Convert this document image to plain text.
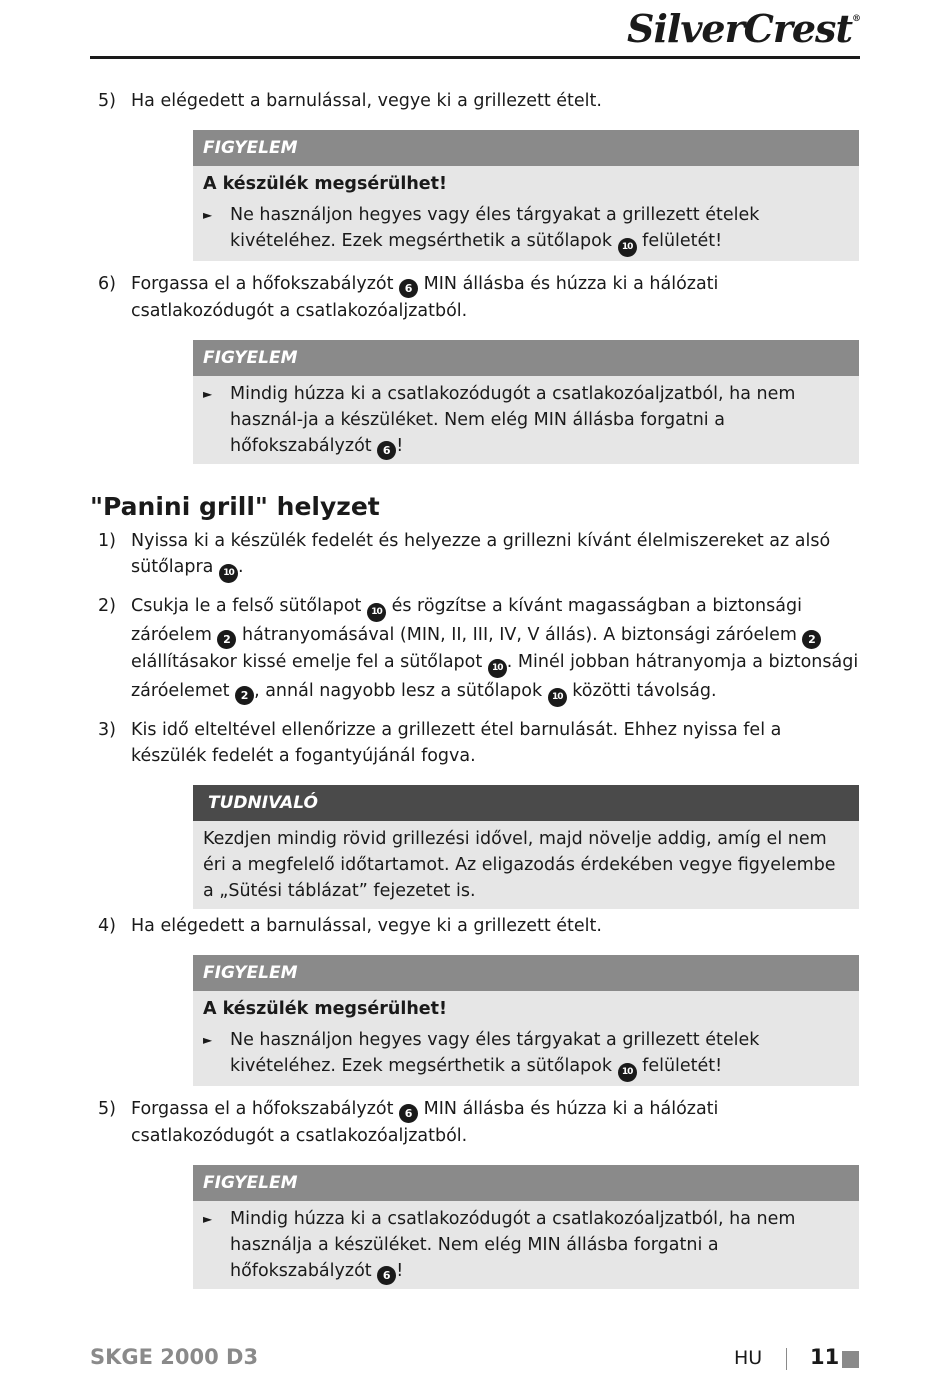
SilverCrest®
5) Ha elégedett a barnulással, vegye ki a grillezett ételt.
FIGYELEM
A készülék megsérülhet!
► Ne használjon hegyes vagy éles tárgyakat a grillezett ételek kivételéhez. Ezek megsérthetik a sütőlapok 10 felületét!
6) Forgassa el a hőfokszabályzót 6 MIN állásba és húzza ki a hálózati csatlakozódugót a csatlakozóaljzatból.
FIGYELEM
► Mindig húzza ki a csatlakozódugót a csatlakozóaljzatból, ha nem használ-ja a készüléket. Nem elég MIN állásba forgatni a hőfokszabályzót 6 !
"Panini grill" helyzet
1) Nyissa ki a készülék fedelét és helyezze a grillezni kívánt élelmiszereket az alsó sütőlapra 10 .
2) Csukja le a felső sütőlapot 10 és rögzítse a kívánt magasságban a biztonsági záróelem 2 hátranyomásával (MIN, II, III, IV, V állás). A biztonsági záróelem 2 elállításakor kissé emelje fel a sütőlapot 10 . Minél jobban hátranyomja a biztonsági záróelemet 2 , annál nagyobb lesz a sütőlapok 10 közötti távolság.
3) Kis idő elteltével ellenőrizze a grillezett étel barnulását. Ehhez nyissa fel a készülék fedelét a fogantyújánál fogva.
TUDNIVALÓ
Kezdjen mindig rövid grillezési idővel, majd növelje addig, amíg el nem éri a megfelelő időtartamot. Az eligazodás érdekében vegye figyelembe a „Sütési táblázat” fejezetet is.
4) Ha elégedett a barnulással, vegye ki a grillezett ételt.
FIGYELEM
A készülék megsérülhet!
► Ne használjon hegyes vagy éles tárgyakat a grillezett ételek kivételéhez. Ezek megsérthetik a sütőlapok 10 felületét!
5) Forgassa el a hőfokszabályzót 6 MIN állásba és húzza ki a hálózati csatlakozódugót a csatlakozóaljzatból.
FIGYELEM
► Mindig húzza ki a csatlakozódugót a csatlakozóaljzatból, ha nem használja a készüléket. Nem elég MIN állásba forgatni a hőfokszabályzót 6 !
SKGE 2000 D3	HU 11
